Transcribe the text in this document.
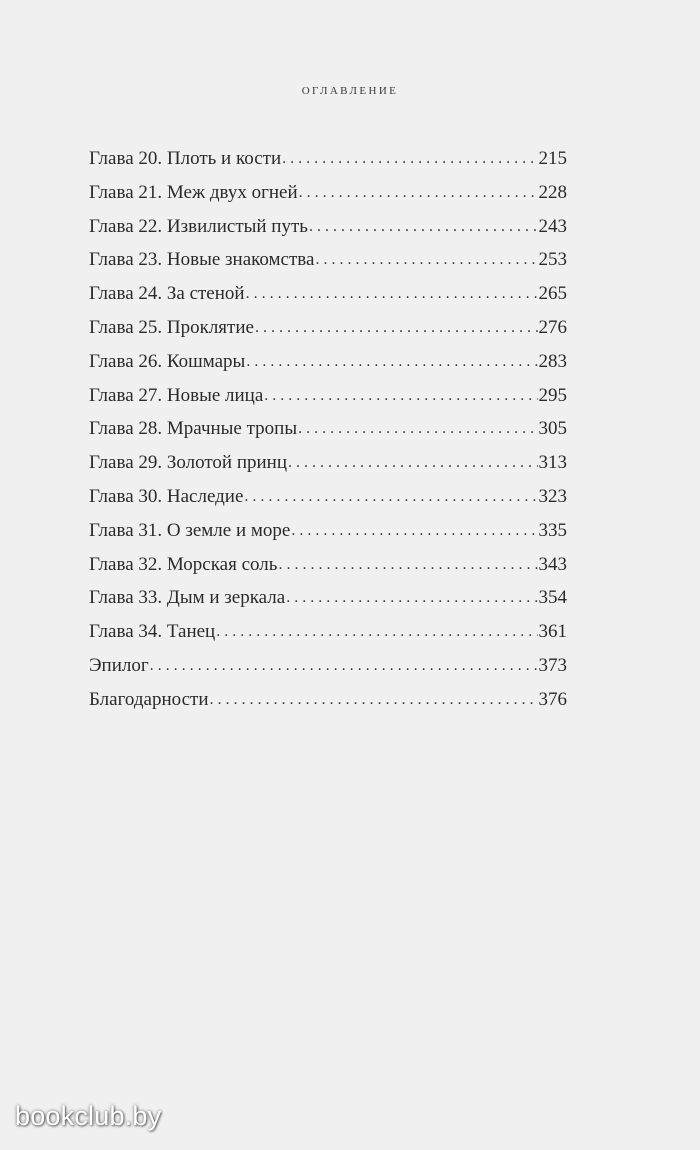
оглавление
Глава 20. Плоть и кости . . .	215
Глава 21. Меж двух огней . . .	228
Глава 22. Извилистый путь . . .	243
Глава 23. Новые знакомства . . .	253
Глава 24. За стеной . . .	265
Глава 25. Проклятие . . .	276
Глава 26. Кошмары . . .	283
Глава 27. Новые лица . . .	295
Глава 28. Мрачные тропы . . .	305
Глава 29. Золотой принц . . .	313
Глава 30. Наследие . . .	323
Глава 31. О земле и море . . .	335
Глава 32. Морская соль . . .	343
Глава 33. Дым и зеркала . . .	354
Глава 34. Танец . . .	361
Эпилог . . .	373
Благодарности . . .	376
bookclub.by
